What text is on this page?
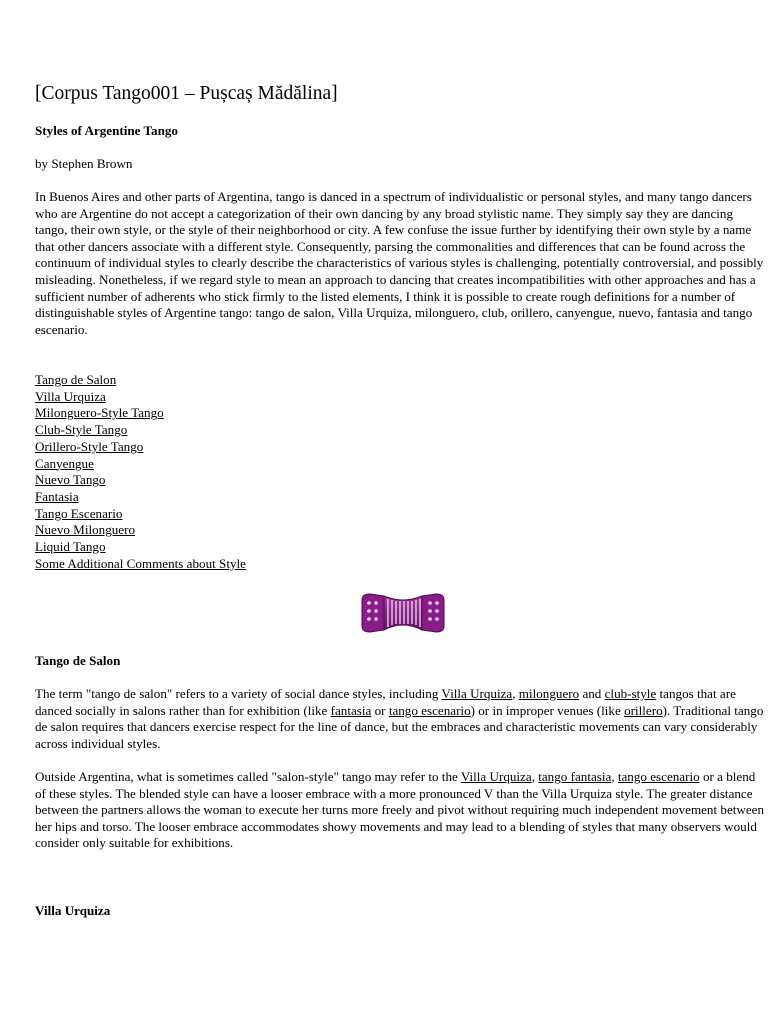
[Corpus Tango001 – Pușcaș Mădălina]
Styles of Argentine Tango
by Stephen Brown

In Buenos Aires and other parts of Argentina, tango is danced in a spectrum of individualistic or personal styles, and many tango dancers who are Argentine do not accept a categorization of their own dancing by any broad stylistic name. They simply say they are dancing tango, their own style, or the style of their neighborhood or city. A few confuse the issue further by identifying their own style by a name that other dancers associate with a different style. Consequently, parsing the commonalities and differences that can be found across the continuum of individual styles to clearly describe the characteristics of various styles is challenging, potentially controversial, and possibly misleading. Nonetheless, if we regard style to mean an approach to dancing that creates incompatibilities with other approaches and has a sufficient number of adherents who stick firmly to the listed elements, I think it is possible to create rough definitions for a number of distinguishable styles of Argentine tango: tango de salon, Villa Urquiza, milonguero, club, orillero, canyengue, nuevo, fantasia and tango escenario.

Tango de Salon
Villa Urquiza
Milonguero-Style Tango
Club-Style Tango
Orillero-Style Tango
Canyengue
Nuevo Tango
Fantasia
Tango Escenario
Nuevo Milonguero
Liquid Tango
Some Additional Comments about Style
Tango de Salon

The term "tango de salon" refers to a variety of social dance styles, including Villa Urquiza, milonguero and club-style tangos that are danced socially in salons rather than for exhibition (like fantasia or tango escenario) or in improper venues (like orillero). Traditional tango de salon requires that dancers exercise respect for the line of dance, but the embraces and characteristic movements can vary considerably across individual styles.

Outside Argentina, what is sometimes called "salon-style" tango may refer to the Villa Urquiza, tango fantasia, tango escenario or a blend of these styles. The blended style can have a looser embrace with a more pronounced V than the Villa Urquiza style. The greater distance between the partners allows the woman to execute her turns more freely and pivot without requiring much independent movement between her hips and torso. The looser embrace accommodates showy movements and may lead to a blending of styles that many observers would consider only suitable for exhibitions.

Villa Urquiza
